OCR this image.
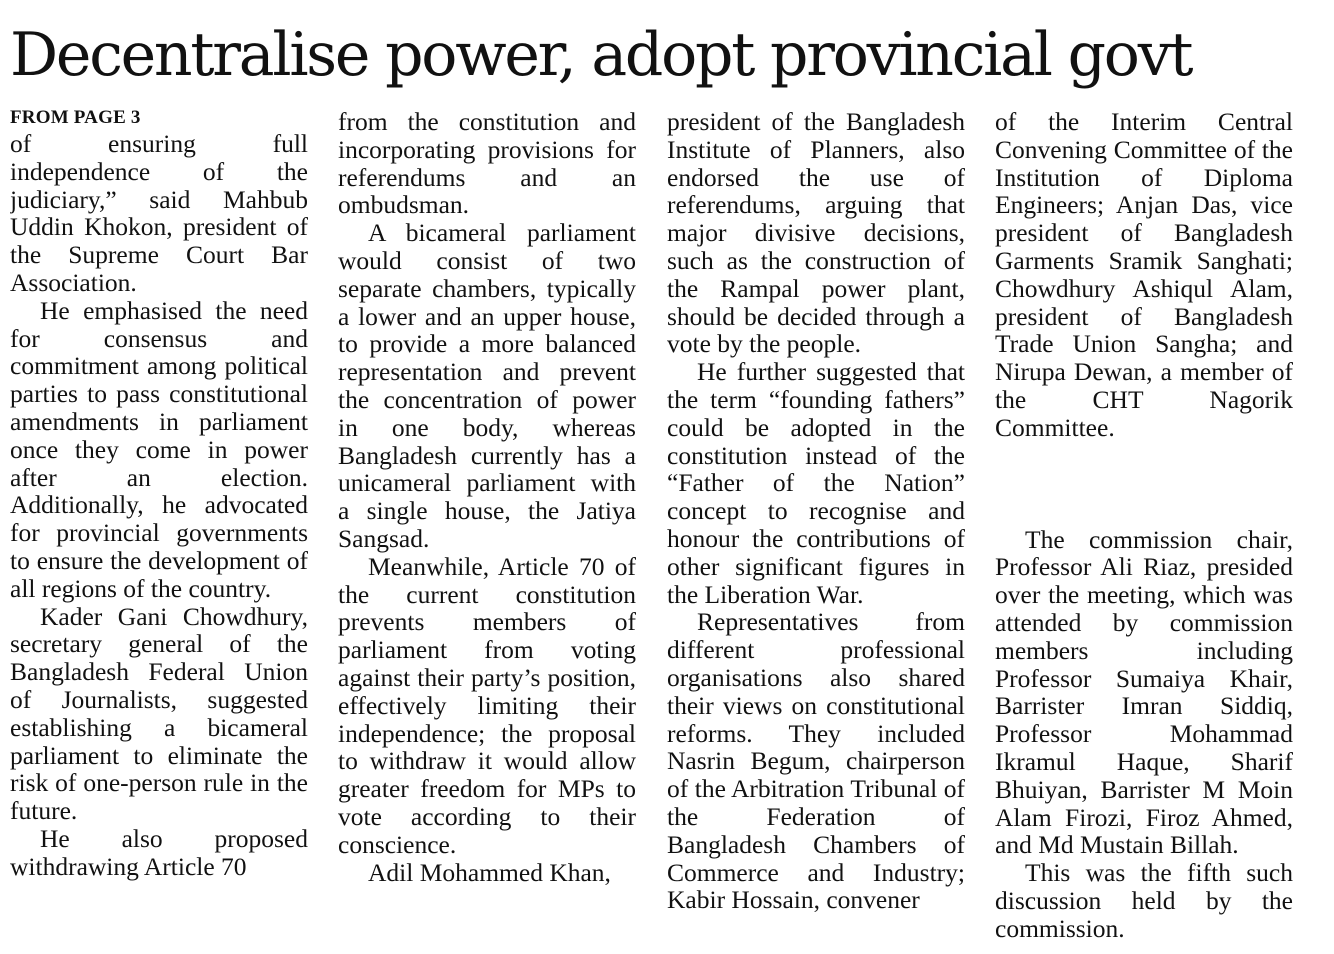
Decentralise power, adopt provincial govt
FROM PAGE 3

of ensuring full independence of the judiciary,” said Mahbub Uddin Khokon, president of the Supreme Court Bar Association.

He emphasised the need for consensus and commitment among political parties to pass constitutional amendments in parliament once they come in power after an election. Additionally, he advocated for provincial governments to ensure the development of all regions of the country.

Kader Gani Chowdhury, secretary general of the Bangladesh Federal Union of Journalists, suggested establishing a bicameral parliament to eliminate the risk of one-person rule in the future.

He also proposed withdrawing Article 70

from the constitution and incorporating provisions for referendums and an ombudsman.

A bicameral parliament would consist of two separate chambers, typically a lower and an upper house, to provide a more balanced representation and prevent the concentration of power in one body, whereas Bangladesh currently has a unicameral parliament with a single house, the Jatiya Sangsad.

Meanwhile, Article 70 of the current constitution prevents members of parliament from voting against their party’s position, effectively limiting their independence; the proposal to withdraw it would allow greater freedom for MPs to vote according to their conscience.

Adil Mohammed Khan,

president of the Bangladesh Institute of Planners, also endorsed the use of referendums, arguing that major divisive decisions, such as the construction of the Rampal power plant, should be decided through a vote by the people.

He further suggested that the term “founding fathers” could be adopted in the constitution instead of the “Father of the Nation” concept to recognise and honour the contributions of other significant figures in the Liberation War.

Representatives from different professional organisations also shared their views on constitutional reforms. They included Nasrin Begum, chairperson of the Arbitration Tribunal of the Federation of Bangladesh Chambers of Commerce and Industry; Kabir Hossain, convener

of the Interim Central Convening Committee of the Institution of Diploma Engineers; Anjan Das, vice president of Bangladesh Garments Sramik Sanghati; Chowdhury Ashiqul Alam, president of Bangladesh Trade Union Sangha; and Nirupa Dewan, a member of the CHT Nagorik Committee.

The commission chair, Professor Ali Riaz, presided over the meeting, which was attended by commission members including Professor Sumaiya Khair, Barrister Imran Siddiq, Professor Mohammad Ikramul Haque, Sharif Bhuiyan, Barrister M Moin Alam Firozi, Firoz Ahmed, and Md Mustain Billah.

This was the fifth such discussion held by the commission.
